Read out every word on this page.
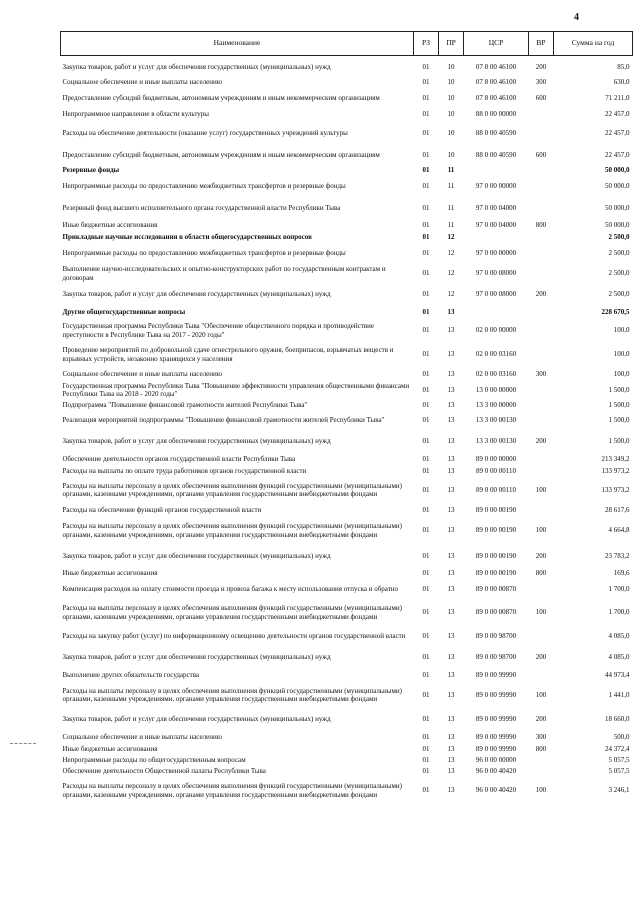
4
Наименование	РЗ	ПР	ЦСР	ВР	Сумма на год
Закупка товаров, работ и услуг для обеспечения государственных (муниципальных) нужд	01	10	07 8 00 46100	200	85,0
Социальное обеспечение и иные выплаты населению	01	10	07 8 00 46100	300	630,0
Предоставление субсидий бюджетным, автономным учреждениям и иным некоммерческим организациям	01	10	07 8 00 46100	600	71 211,0
Непрограммное направление в области культуры	01	10	88 0 00 00000		22 457,0
Расходы на обеспечение деятельности (оказание услуг) государственных учреждений культуры	01	10	88 0 00 40590		22 457,0
Предоставление субсидий бюджетным, автономным учреждениям и иным некоммерческим организациям	01	10	88 0 00 40590	600	22 457,0
Резервные фонды	01	11			50 000,0
Непрограммные расходы по предоставлению межбюджетных трансфертов и резервные фонды	01	11	97 0 00 00000		50 000,0
Резервный фонд высшего исполнительного органа государственной власти Республики Тыва	01	11	97 0 00 04000		50 000,0
Иные бюджетные ассигнования	01	11	97 0 00 04000	800	50 000,0
Прикладные научные исследования в области общегосударственных вопросов	01	12			2 500,0
Непрограммные расходы по предоставлению межбюджетных трансфертов и резервные фонды	01	12	97 0 00 00000		2 500,0
Выполнение научно-исследовательских и опытно-конструкторских работ по государственным контрактам и договорам	01	12	97 0 00 08000		2 500,0
Закупка товаров, работ и услуг для обеспечения государственных (муниципальных) нужд	01	12	97 0 00 08000	200	2 500,0
Другие общегосударственные вопросы	01	13			228 670,5
Государственная программа Республики Тыва "Обеспечение общественного порядка и противодействие преступности в Республике Тыва на 2017 - 2020 годы"	01	13	02 0 00 00000		100,0
Проведение мероприятий по добровольной сдаче огнестрельного оружия, боеприпасов, взрывчатых веществ и взрывных устройств, незаконно хранящихся у населения	01	13	02 0 00 03160		100,0
Социальное обеспечение и иные выплаты населению	01	13	02 0 00 03160	300	100,0
Государственная программа Республики Тыва "Повышение эффективности управления общественными финансами Республики Тыва на 2018 - 2020 годы"	01	13	13 0 00 00000		1 500,0
Подпрограмма "Повышение финансовой грамотности жителей Республики Тыва"	01	13	13 3 00 00000		1 500,0
Реализация мероприятий подпрограммы "Повышение финансовой грамотности жителей Республики Тыва"	01	13	13 3 00 00130		1 500,0
Закупка товаров, работ и услуг для обеспечения государственных (муниципальных) нужд	01	13	13 3 00 00130	200	1 500,0
Обеспечение деятельности органов государственной власти Республики Тыва	01	13	89 0 00 00000		213 349,2
Расходы на выплаты по оплате труда работников органов государственной власти	01	13	89 0 00 00110		133 973,2
Расходы на выплаты персоналу в целях обеспечения выполнения функций государственными (муниципальными) органами, казенными учреждениями, органами управления государственными внебюджетными фондами	01	13	89 0 00 00110	100	133 973,2
Расходы на обеспечение функций органов государственной власти	01	13	89 0 00 00190		28 617,6
Расходы на выплаты персоналу в целях обеспечения выполнения функций государственными (муниципальными) органами, казенными учреждениями, органами управления государственными внебюджетными фондами	01	13	89 0 00 00190	100	4 664,8
Закупка товаров, работ и услуг для обеспечения государственных (муниципальных) нужд	01	13	89 0 00 00190	200	23 783,2
Иные бюджетные ассигнования	01	13	89 0 00 00190	800	169,6
Компенсация расходов на оплату стоимости проезда и провоза багажа к месту использования отпуска и обратно	01	13	89 0 00 00870		1 700,0
Расходы на выплаты персоналу в целях обеспечения выполнения функций государственными (муниципальными) органами, казенными учреждениями, органами управления государственными внебюджетными фондами	01	13	89 0 00 00870	100	1 700,0
Расходы на закупку работ (услуг) по информационному освещению деятельности органов государственной власти	01	13	89 0 00 98700		4 085,0
Закупка товаров, работ и услуг для обеспечения государственных (муниципальных) нужд	01	13	89 0 00 98700	200	4 085,0
Выполнение других обязательств государства	01	13	89 0 00 99990		44 973,4
Расходы на выплаты персоналу в целях обеспечения выполнения функций государственными (муниципальными) органами, казенными учреждениями, органами управления государственными внебюджетными фондами	01	13	89 0 00 99990	100	1 441,0
Закупка товаров, работ и услуг для обеспечения государственных (муниципальных) нужд	01	13	89 0 00 99990	200	18 660,0
Социальное обеспечение и иные выплаты населению	01	13	89 0 00 99990	300	500,0
Иные бюджетные ассигнования	01	13	89 0 00 99990	800	24 372,4
Непрограммные расходы по общегосударственным вопросам	01	13	96 0 00 00000		5 057,5
Обеспечение деятельности Общественной палаты Республики Тыва	01	13	96 0 00 40420		5 057,5
Расходы на выплаты персоналу в целях обеспечения выполнения функций государственными (муниципальными) органами, казенными учреждениями, органами управления государственными внебюджетными фондами	01	13	96 0 00 40420	100	3 246,1
